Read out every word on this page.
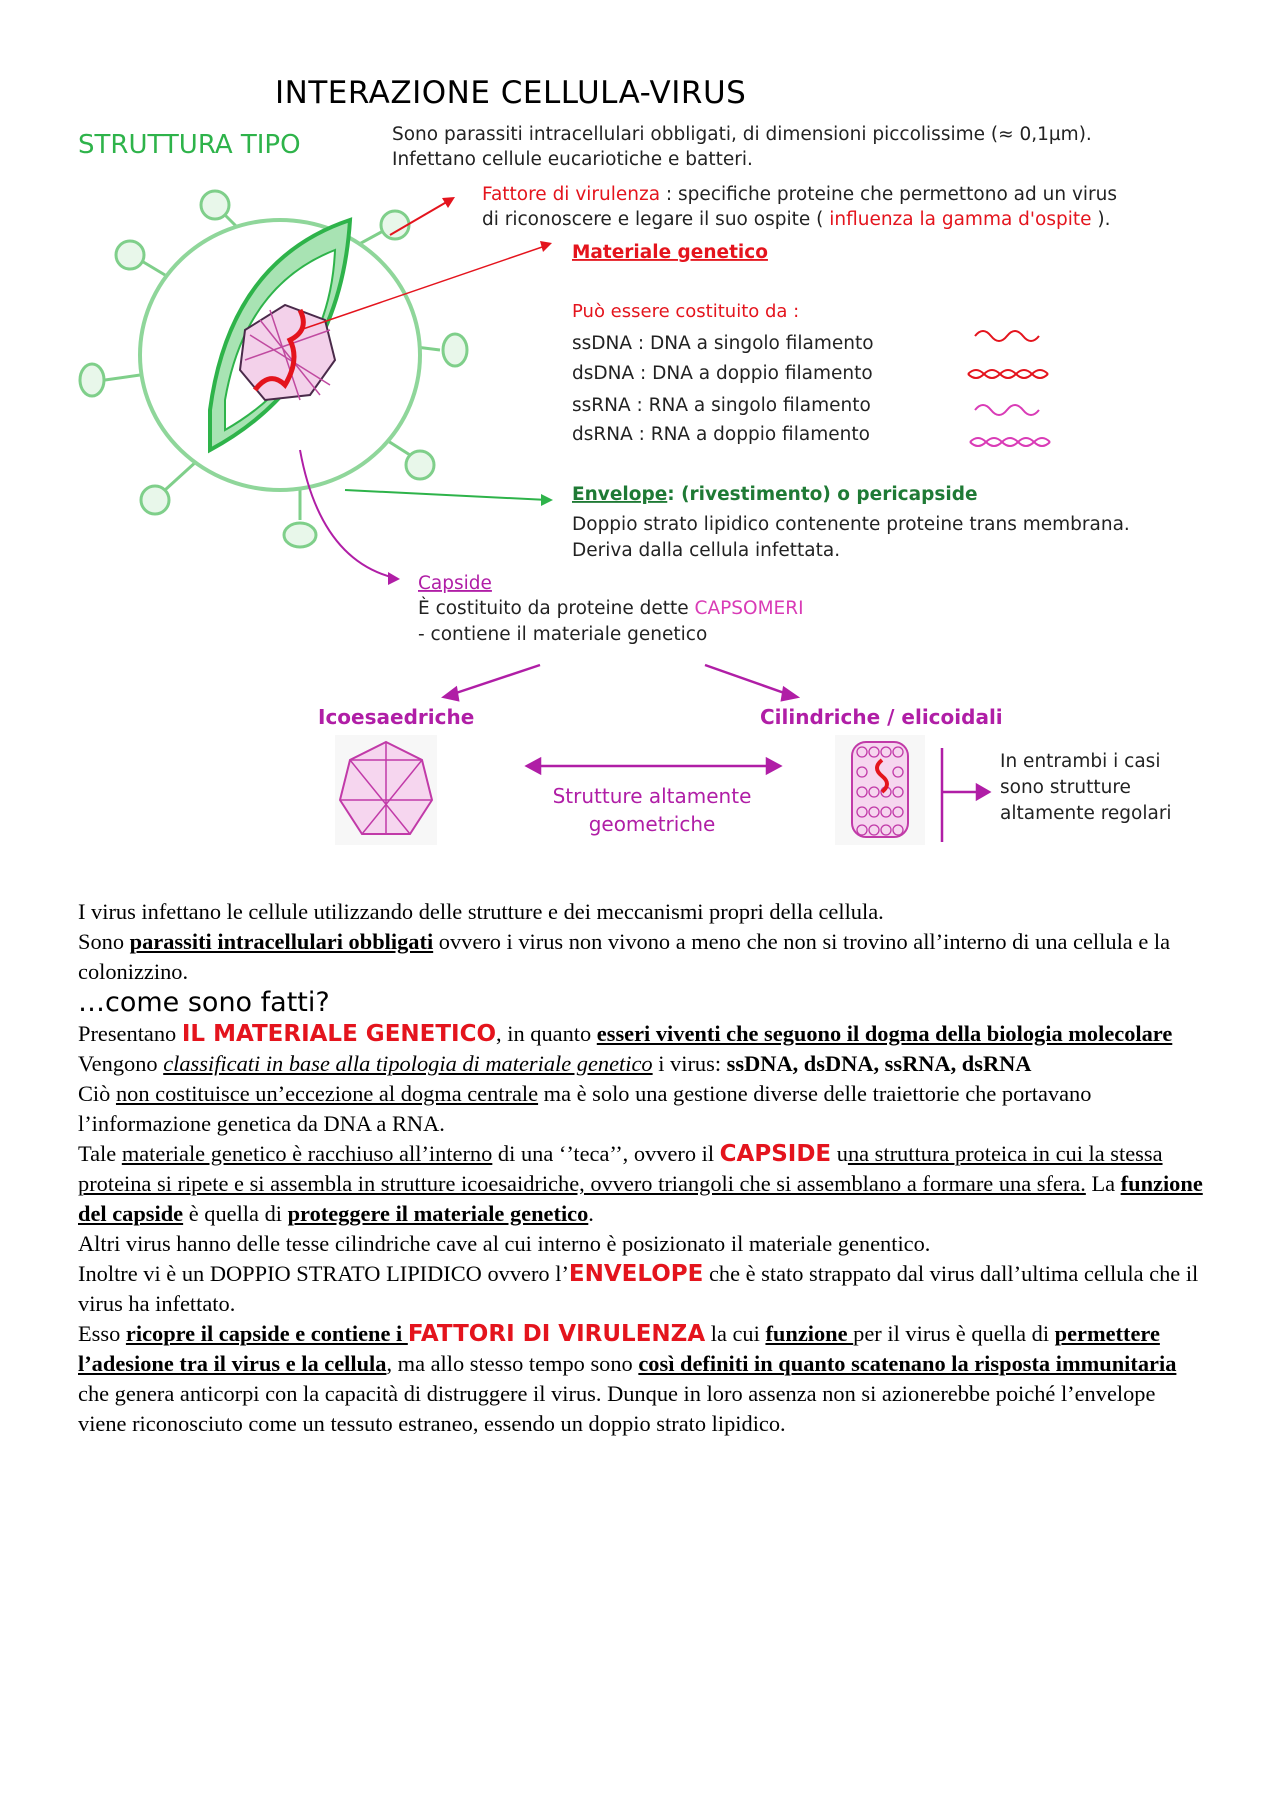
INTERAZIONE CELLULA-VIRUS
STRUTTURA TIPO	Sono parassiti intracellulari obbligati, di dimensioni piccolissime (≈ 0,1µm).
Infettano cellule eucariotiche e batteri.
Fattore di virulenza : specifiche proteine che permettono ad un virus
di riconoscere e legare il suo ospite ( influenza la gamma d'ospite ).
Materiale genetico
Può essere costituito da :
ssDNA : DNA a singolo filamento
dsDNA : DNA a doppio filamento
ssRNA : RNA a singolo filamento
dsRNA : RNA a doppio filamento
Envelope: (rivestimento) o pericapside
Doppio strato lipidico contenente proteine trans membrana.
Deriva dalla cellula infettata.
Capside
È costituito da proteine dette CAPSOMERI
- contiene il materiale genetico
Icoesaedriche	Cilindriche / elicoidali
Strutture altamente
geometriche
In entrambi i casi
sono strutture
altamente regolari

I virus infettano le cellule utilizzando delle strutture e dei meccanismi propri della cellula.

Sono parassiti intracellulari obbligati ovvero i virus non vivono a meno che non si trovino all’interno di una cellula e la colonizzino.

…come sono fatti?

Presentano IL MATERIALE GENETICO, in quanto esseri viventi che seguono il dogma della biologia molecolare

Vengono classificati in base alla tipologia di materiale genetico i virus: ssDNA, dsDNA, ssRNA, dsRNA

Ciò non costituisce un’eccezione al dogma centrale ma è solo una gestione diverse delle traiettorie che portavano l’informazione genetica da DNA a RNA.

Tale materiale genetico è racchiuso all’interno di una ‘’teca’’, ovvero il CAPSIDE una struttura proteica in cui la stessa proteina si ripete e si assembla in strutture icoesaidriche, ovvero triangoli che si assemblano a formare una sfera. La funzione del capside è quella di proteggere il materiale genetico.

Altri virus hanno delle tesse cilindriche cave al cui interno è posizionato il materiale genentico.

Inoltre vi è un DOPPIO STRATO LIPIDICO ovvero l’ENVELOPE che è stato strappato dal virus dall’ultima cellula che il virus ha infettato.

Esso ricopre il capside e contiene i FATTORI DI VIRULENZA la cui funzione per il virus è quella di permettere l’adesione tra il virus e la cellula, ma allo stesso tempo sono così definiti in quanto scatenano la risposta immunitaria che genera anticorpi con la capacità di distruggere il virus. Dunque in loro assenza non si azionerebbe poiché l’envelope viene riconosciuto come un tessuto estraneo, essendo un doppio strato lipidico.
